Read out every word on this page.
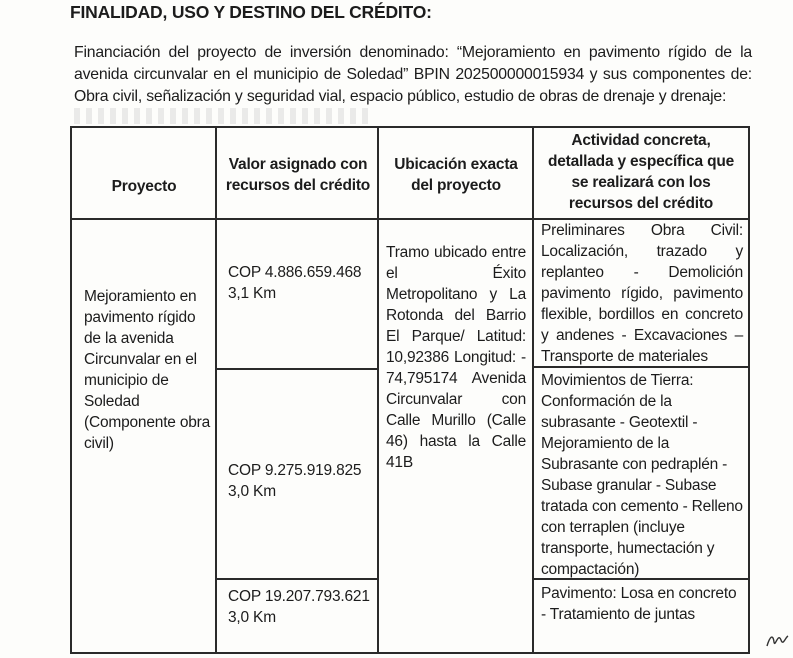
FINALIDAD, USO Y DESTINO DEL CRÉDITO:
Financiación del proyecto de inversión denominado: “Mejoramiento en pavimento rígido de la avenida circunvalar en el municipio de Soledad” BPIN 202500000015934 y sus componentes de: Obra civil, señalización y seguridad vial, espacio público, estudio de obras de drenaje y drenaje:
Proyecto
Valor asignado con recursos del crédito
Ubicación exacta del proyecto
Actividad concreta, detallada y específica que se realizará con los recursos del crédito
Mejoramiento en pavimento rígido de la avenida Circunvalar en el municipio de Soledad (Componente obra civil)
COP 4.886.659.468
3,1 Km
COP 9.275.919.825
3,0 Km
COP 19.207.793.621
3,0 Km
Tramo ubicado entre el Éxito Metropolitano y La Rotonda del Barrio El Parque/ Latitud: 10,92386 Longitud: - 74,795174 Avenida Circunvalar con Calle Murillo (Calle 46) hasta la Calle 41B
Preliminares Obra Civil: Localización, trazado y replanteo - Demolición pavimento rígido, pavimento flexible, bordillos en concreto y andenes - Excavaciones – Transporte de materiales
Movimientos de Tierra: Conformación de la subrasante - Geotextil - Mejoramiento de la Subrasante con pedraplén - Subase granular - Subase tratada con cemento - Relleno con terraplen (incluye transporte, humectación y compactación)
Pavimento: Losa en concreto - Tratamiento de juntas
